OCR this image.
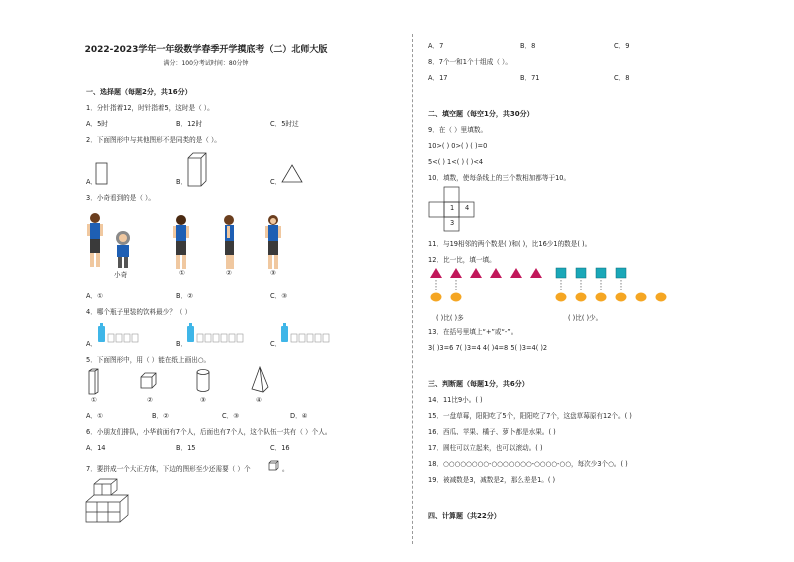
2022-2023学年一年级数学春季开学摸底考（二）北师大版
满分：100分考试时间：80分钟
一、选择题（每题2分，共16分）
1．分针指着12，时针指着5，这时是（ ）。
A．5时	B．12时	C．5时过
2．下面图形中与其他图形不是同类的是（ ）。
A．	B．	C．
3．小奇看到的是（ ）。
小奇	①	②	③
A．①	B．②	C．③
4．哪个瓶子里装的饮料最少？（ ）
A．	B．	C．
5．下面图形中，用（ ）能在纸上画出○。
①	②	③	④
A．①	B．②	C．③	D．④
6．小朋友们排队，小华前面有7个人，后面也有7个人，这个队伍一共有（ ）个人。
A．14	B．15	C．16
7．要拼成一个大正方体，下边的图形至少还需要（ ）个	。
A．7	B．8	C．9
8．7个一和1个十组成（ ）。
A．17	B．71	C．8
二、填空题（每空1分，共30分）
9．在（ ）里填数。
10>( ) 0>( ) ( )=0
5<( ) 1<( ) ( )<4
10．填数，使每条线上的三个数相加都等于10。
1 4
3
11．与19相邻的两个数是( )和( )，比16少1的数是( )。
12．比一比，填一填。
( )比( )多	( )比( )少。
13．在括号里填上“+”或“-”。
3( )3=6 7( )3=4 4( )4=8 5( )3=4( )2
三、判断题（每题1分，共6分）
14．11比9小。( )
15．一盘草莓，阳阳吃了5个，阳阳吃了7个，这盘草莓原有12个。( )
16．西瓜、苹果、橘子、萝卜都是水果。( )
17．圆柱可以立起来，也可以滚动。( )
18．○○○○○○○○-○○○○○○○-○○○○-○○，每次少3个○。( )
19．被减数是3，减数是2，那么差是1。( )
四、计算题（共22分）
